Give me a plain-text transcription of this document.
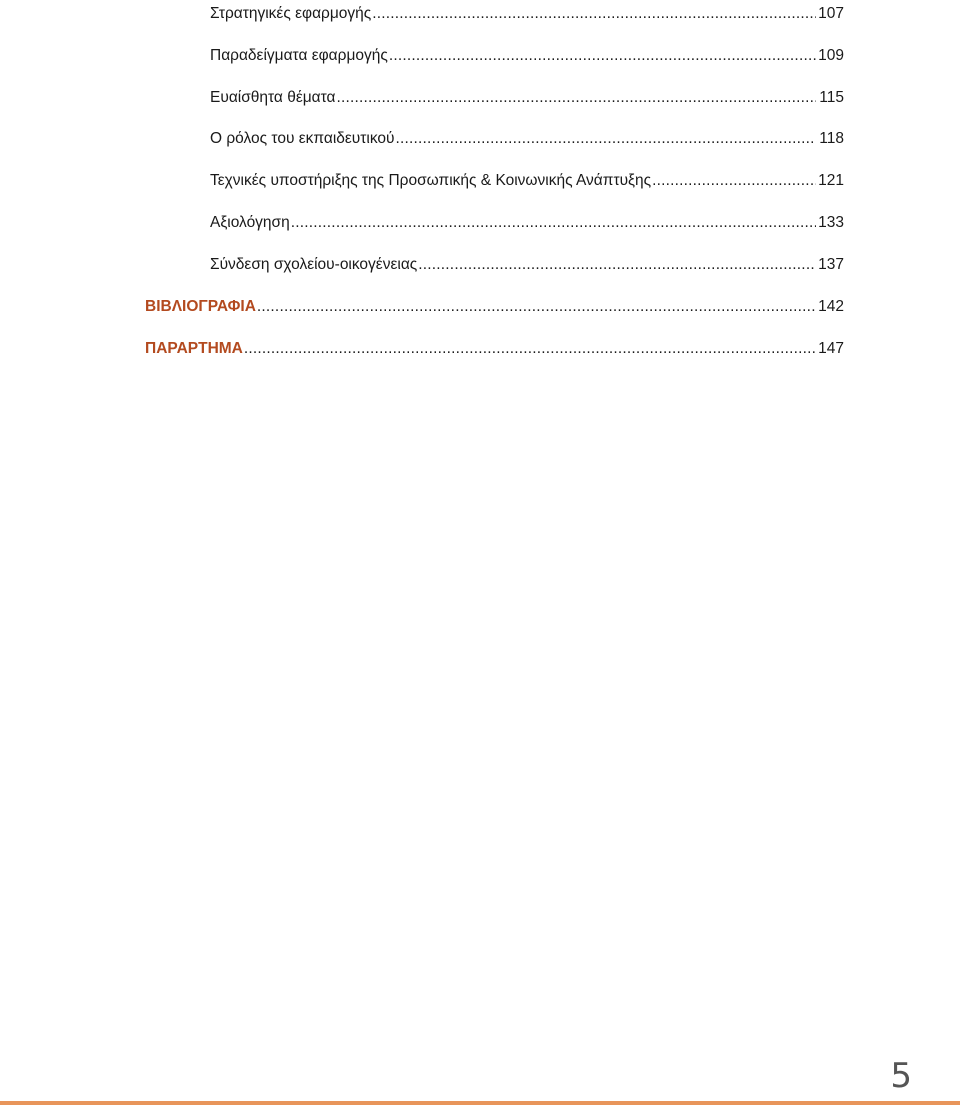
Στρατηγικές εφαρμογής .....	107
Παραδείγματα εφαρμογής .....	109
Ευαίσθητα θέματα .....	115
Ο ρόλος του εκπαιδευτικού .....	118
Τεχνικές υποστήριξης της Προσωπικής & Κοινωνικής Ανάπτυξης .....	121
Αξιολόγηση .....	133
Σύνδεση σχολείου-οικογένειας .....	137
ΒΙΒΛΙΟΓΡΑΦΙΑ .....	142
ΠΑΡΑΡΤΗΜΑ .....	147
5
